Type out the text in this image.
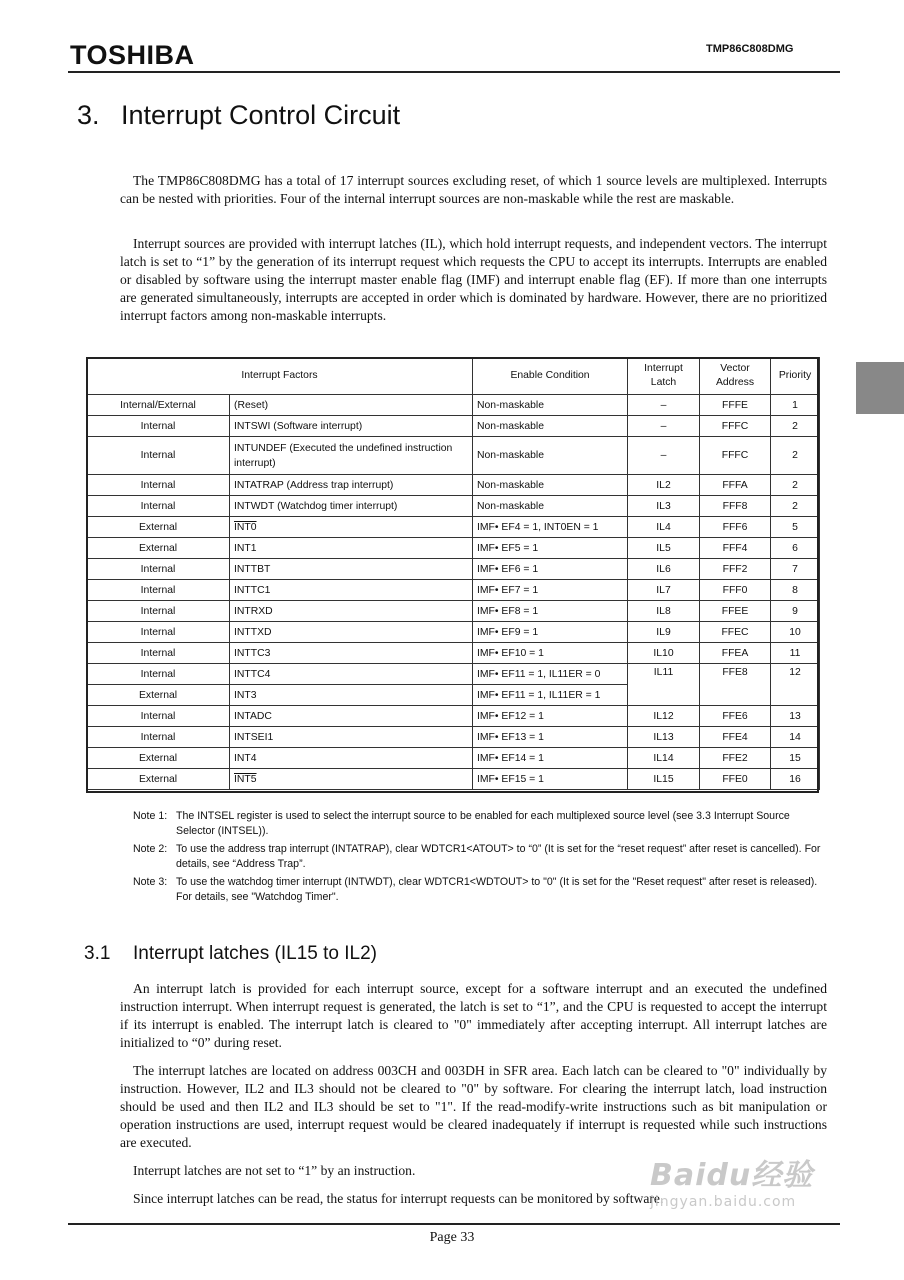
TOSHIBA	TMP86C808DMG
3. Interrupt Control Circuit

The TMP86C808DMG has a total of 17 interrupt sources excluding reset, of which 1 source levels are multiplexed. Interrupts can be nested with priorities. Four of the internal interrupt sources are non-maskable while the rest are maskable.

Interrupt sources are provided with interrupt latches (IL), which hold interrupt requests, and independent vectors. The interrupt latch is set to “1” by the generation of its interrupt request which requests the CPU to accept its interrupts. Interrupts are enabled or disabled by software using the interrupt master enable flag (IMF) and interrupt enable flag (EF). If more than one interrupts are generated simultaneously, interrupts are accepted in order which is dominated by hardware. However, there are no prioritized interrupt factors among non-maskable interrupts.

Interrupt Factors		Enable Condition	Interrupt Latch	Vector Address	Priority
Internal/External	(Reset)	Non-maskable	–	FFFE	1
Internal	INTSWI (Software interrupt)	Non-maskable	–	FFFC	2
Internal	INTUNDEF (Executed the undefined instruction interrupt)	Non-maskable	–	FFFC	2
Internal	INTATRAP (Address trap interrupt)	Non-maskable	IL2	FFFA	2
Internal	INTWDT (Watchdog timer interrupt)	Non-maskable	IL3	FFF8	2
External	INT0	IMF• EF4 = 1, INT0EN = 1	IL4	FFF6	5
External	INT1	IMF• EF5 = 1	IL5	FFF4	6
Internal	INTTBT	IMF• EF6 = 1	IL6	FFF2	7
Internal	INTTC1	IMF• EF7 = 1	IL7	FFF0	8
Internal	INTRXD	IMF• EF8 = 1	IL8	FFEE	9
Internal	INTTXD	IMF• EF9 = 1	IL9	FFEC	10
Internal	INTTC3	IMF• EF10 = 1	IL10	FFEA	11
Internal	INTTC4	IMF• EF11 = 1, IL11ER = 0	IL11	FFE8	12
External	INT3	IMF• EF11 = 1, IL11ER = 1			
Internal	INTADC	IMF• EF12 = 1	IL12	FFE6	13
Internal	INTSEI1	IMF• EF13 = 1	IL13	FFE4	14
External	INT4	IMF• EF14 = 1	IL14	FFE2	15
External	INT5	IMF• EF15 = 1	IL15	FFE0	16
Note 1: The INTSEL register is used to select the interrupt source to be enabled for each multiplexed source level (see 3.3 Interrupt Source Selector (INTSEL)).
Note 2: To use the address trap interrupt (INTATRAP), clear WDTCR1<ATOUT> to “0” (It is set for the “reset request” after reset is cancelled). For details, see “Address Trap”.
Note 3: To use the watchdog timer interrupt (INTWDT), clear WDTCR1<WDTOUT> to "0" (It is set for the "Reset request" after reset is released). For details, see "Watchdog Timer".
3.1 Interrupt latches (IL15 to IL2)

An interrupt latch is provided for each interrupt source, except for a software interrupt and an executed the undefined instruction interrupt. When interrupt request is generated, the latch is set to “1”, and the CPU is requested to accept the interrupt if its interrupt is enabled. The interrupt latch is cleared to "0" immediately after accepting interrupt. All interrupt latches are initialized to “0” during reset.

The interrupt latches are located on address 003CH and 003DH in SFR area. Each latch can be cleared to "0" individually by instruction. However, IL2 and IL3 should not be cleared to "0" by software. For clearing the interrupt latch, load instruction should be used and then IL2 and IL3 should be set to "1". If the read-modify-write instructions such as bit manipulation or operation instructions are used, interrupt request would be cleared inadequately if interrupt is requested while such instructions are executed.

Interrupt latches are not set to “1” by an instruction.

Since interrupt latches can be read, the status for interrupt requests can be monitored by software.

Baidu经验
jingyan.baidu.com
Page 33
